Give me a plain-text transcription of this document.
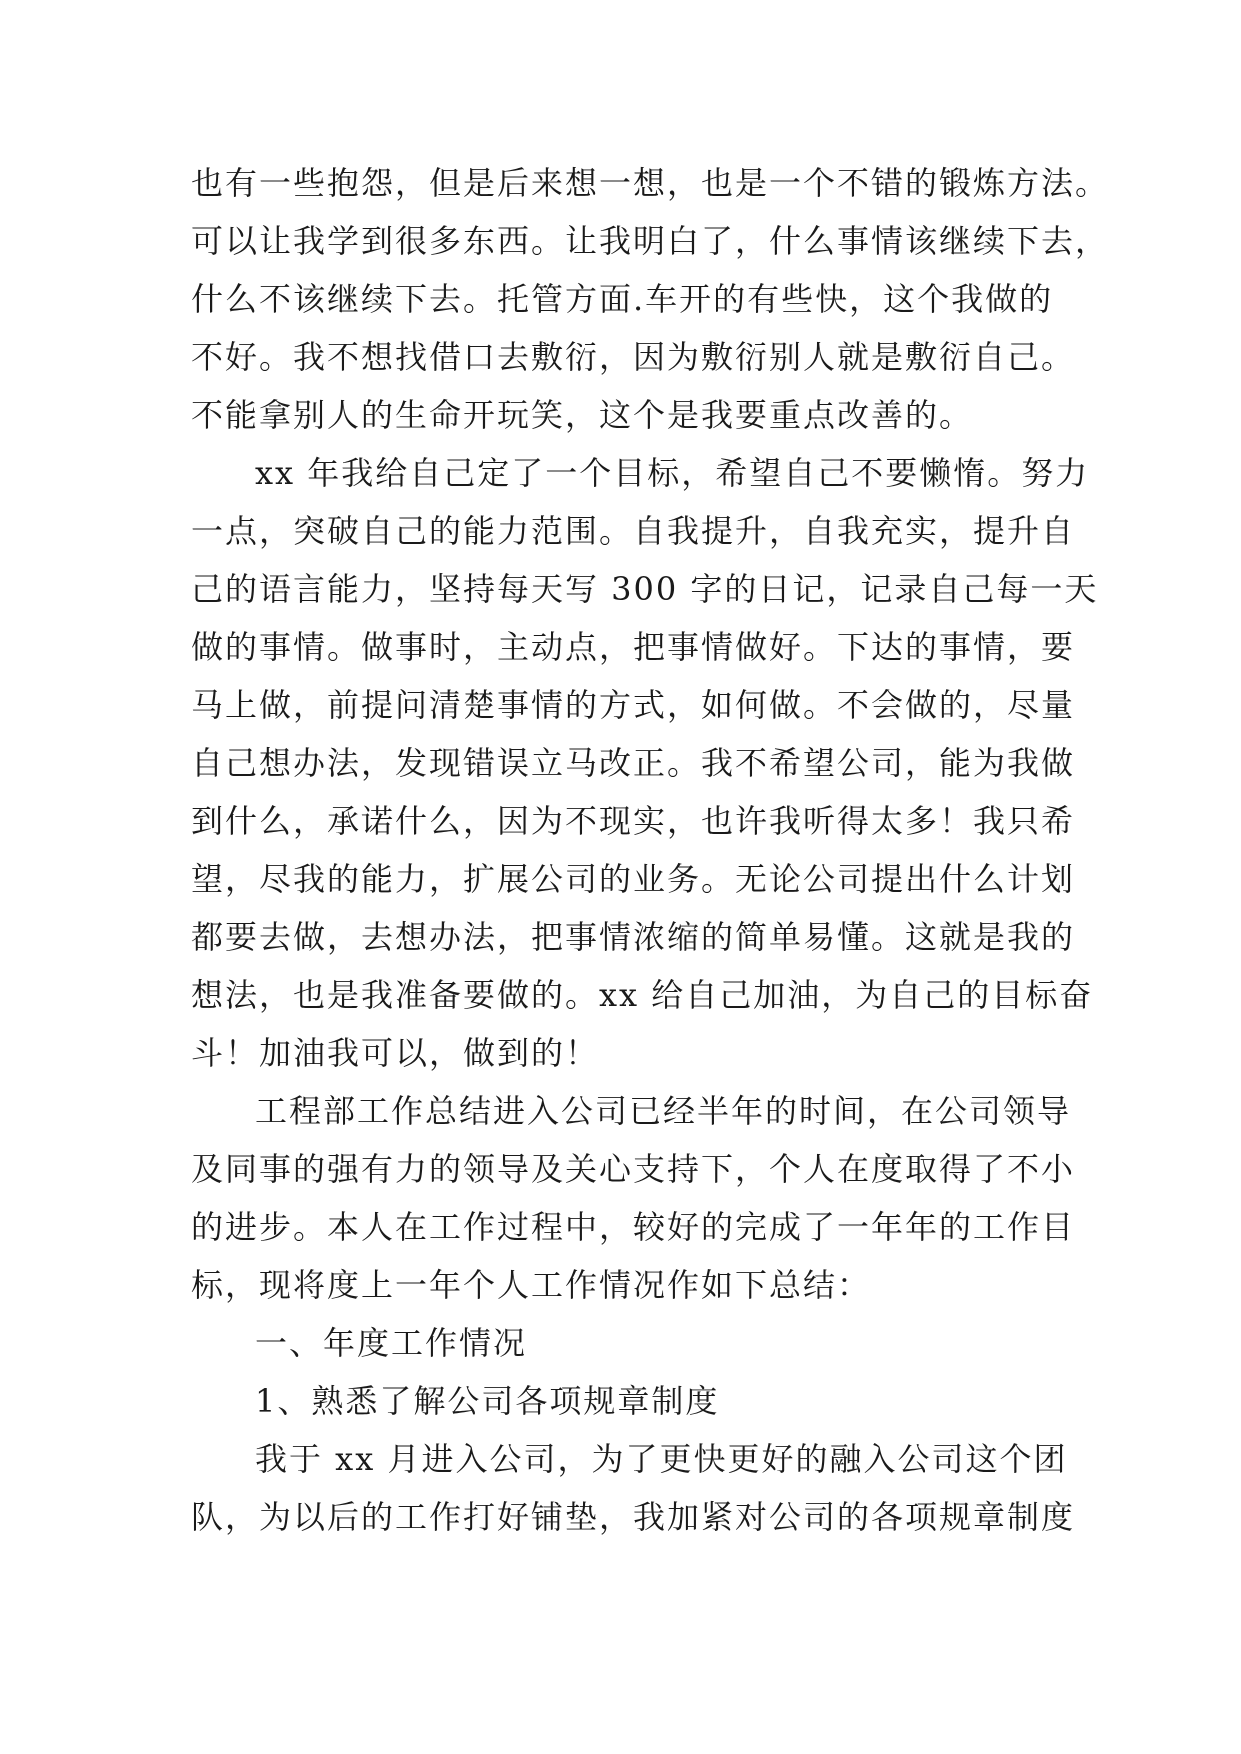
也有一些抱怨，但是后来想一想，也是一个不错的锻炼方法。
可以让我学到很多东西。让我明白了，什么事情该继续下去，
什么不该继续下去。托管方面.车开的有些快，这个我做的
不好。我不想找借口去敷衍，因为敷衍别人就是敷衍自己。
不能拿别人的生命开玩笑，这个是我要重点改善的。
xx 年我给自己定了一个目标，希望自己不要懒惰。努力
一点，突破自己的能力范围。自我提升，自我充实，提升自
己的语言能力，坚持每天写 300 字的日记，记录自己每一天
做的事情。做事时，主动点，把事情做好。下达的事情，要
马上做，前提问清楚事情的方式，如何做。不会做的，尽量
自己想办法，发现错误立马改正。我不希望公司，能为我做
到什么，承诺什么，因为不现实，也许我听得太多！我只希
望，尽我的能力，扩展公司的业务。无论公司提出什么计划
都要去做，去想办法，把事情浓缩的简单易懂。这就是我的
想法，也是我准备要做的。xx 给自己加油，为自己的目标奋
斗！加油我可以，做到的！
工程部工作总结进入公司已经半年的时间，在公司领导
及同事的强有力的领导及关心支持下，个人在度取得了不小
的进步。本人在工作过程中，较好的完成了一年年的工作目
标，现将度上一年个人工作情况作如下总结：
一、年度工作情况
1、熟悉了解公司各项规章制度
我于 xx 月进入公司，为了更快更好的融入公司这个团
队，为以后的工作打好铺垫，我加紧对公司的各项规章制度
